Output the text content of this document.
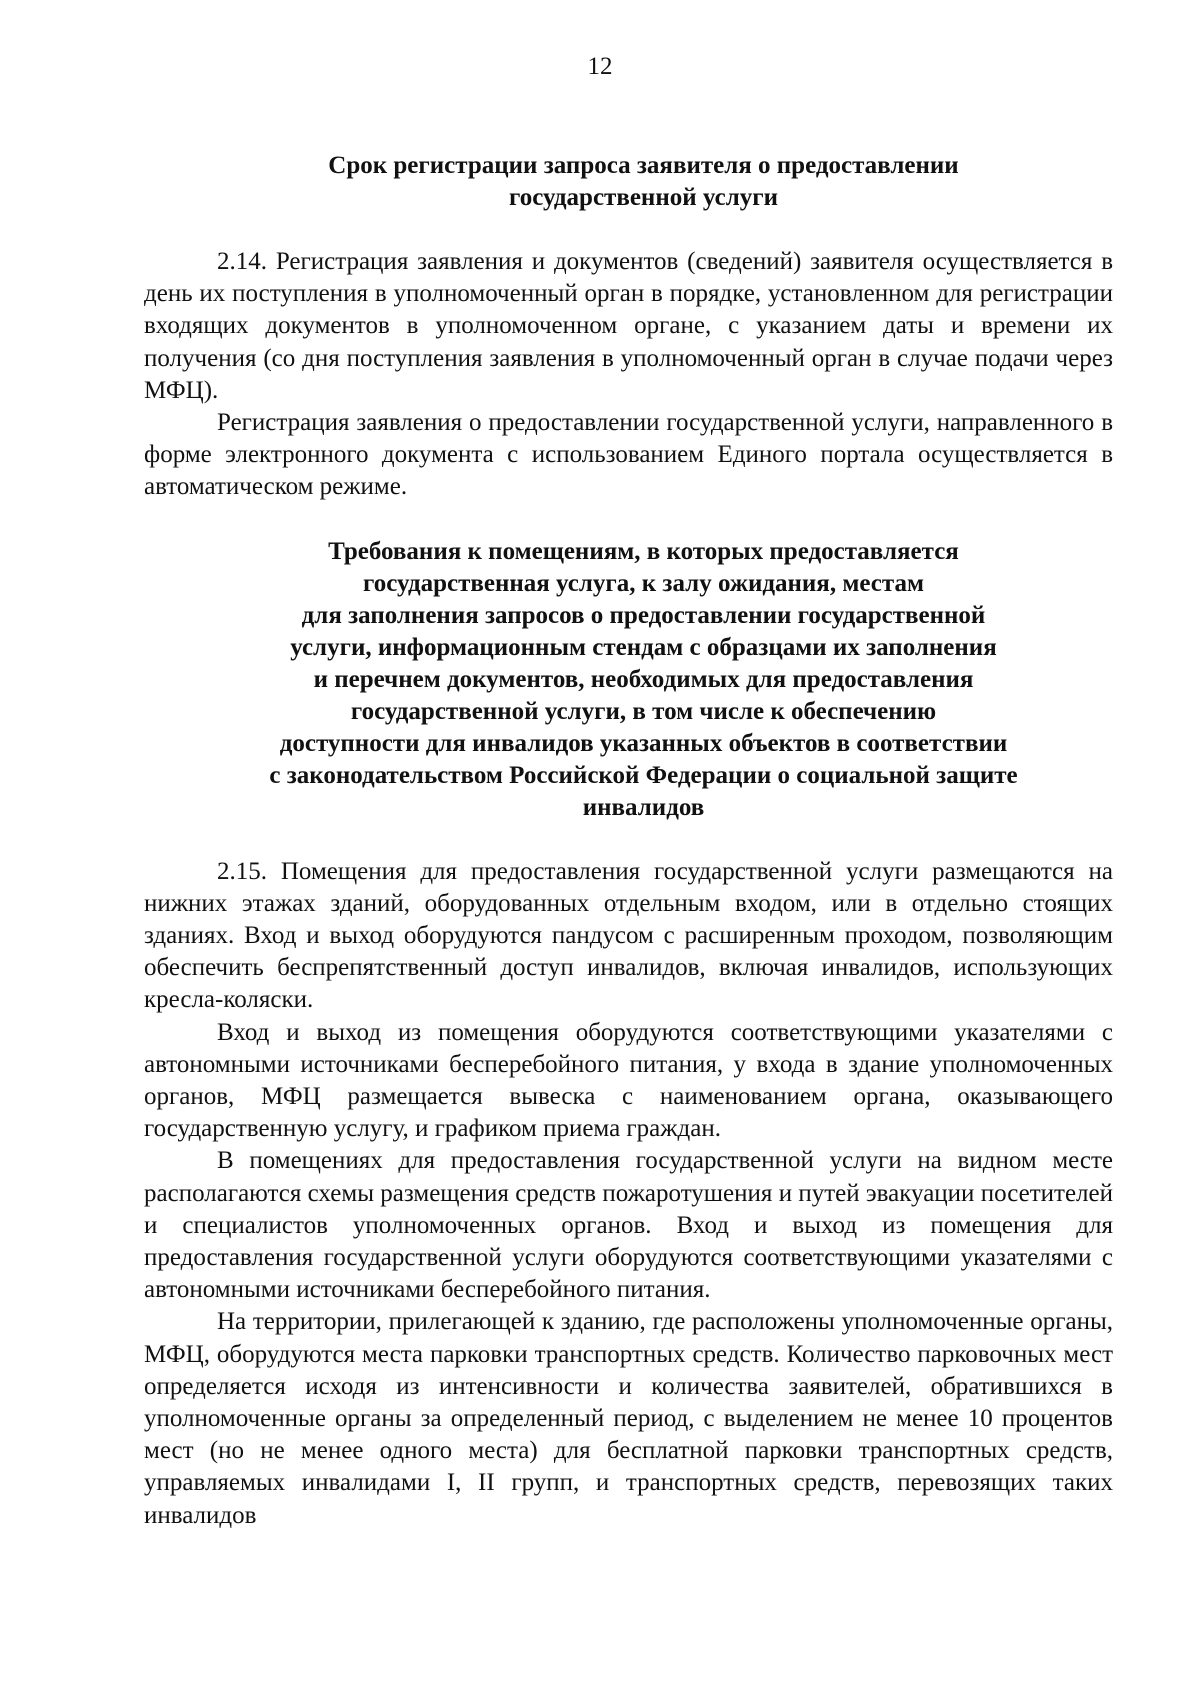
12
Срок регистрации запроса заявителя о предоставлении
государственной услуги

2.14. Регистрация заявления и документов (сведений) заявителя осуществляется в день их поступления в уполномоченный орган в порядке, установленном для регистрации входящих документов в уполномоченном органе, с указанием даты и времени их получения (со дня поступления заявления в уполномоченный орган в случае подачи через МФЦ).

Регистрация заявления о предоставлении государственной услуги, направленного в форме электронного документа с использованием Единого портала осуществляется в автоматическом режиме.

Требования к помещениям, в которых предоставляется
государственная услуга, к залу ожидания, местам
для заполнения запросов о предоставлении государственной
услуги, информационным стендам с образцами их заполнения
и перечнем документов, необходимых для предоставления
государственной услуги, в том числе к обеспечению
доступности для инвалидов указанных объектов в соответствии
с законодательством Российской Федерации о социальной защите
инвалидов

2.15. Помещения для предоставления государственной услуги размещаются на нижних этажах зданий, оборудованных отдельным входом, или в отдельно стоящих зданиях. Вход и выход оборудуются пандусом с расширенным проходом, позволяющим обеспечить беспрепятственный доступ инвалидов, включая инвалидов, использующих кресла-коляски.

Вход и выход из помещения оборудуются соответствующими указателями с автономными источниками бесперебойного питания, у входа в здание уполномоченных органов, МФЦ размещается вывеска с наименованием органа, оказывающего государственную услугу, и графиком приема граждан.

В помещениях для предоставления государственной услуги на видном месте располагаются схемы размещения средств пожаротушения и путей эвакуации посетителей и специалистов уполномоченных органов. Вход и выход из помещения для предоставления государственной услуги оборудуются соответствующими указателями с автономными источниками бесперебойного питания.

На территории, прилегающей к зданию, где расположены уполномоченные органы, МФЦ, оборудуются места парковки транспортных средств. Количество парковочных мест определяется исходя из интенсивности и количества заявителей, обратившихся в уполномоченные органы за определенный период, с выделением не менее 10 процентов мест (но не менее одного места) для бесплатной парковки транспортных средств, управляемых инвалидами I, II групп, и транспортных средств, перевозящих таких инвалидов
